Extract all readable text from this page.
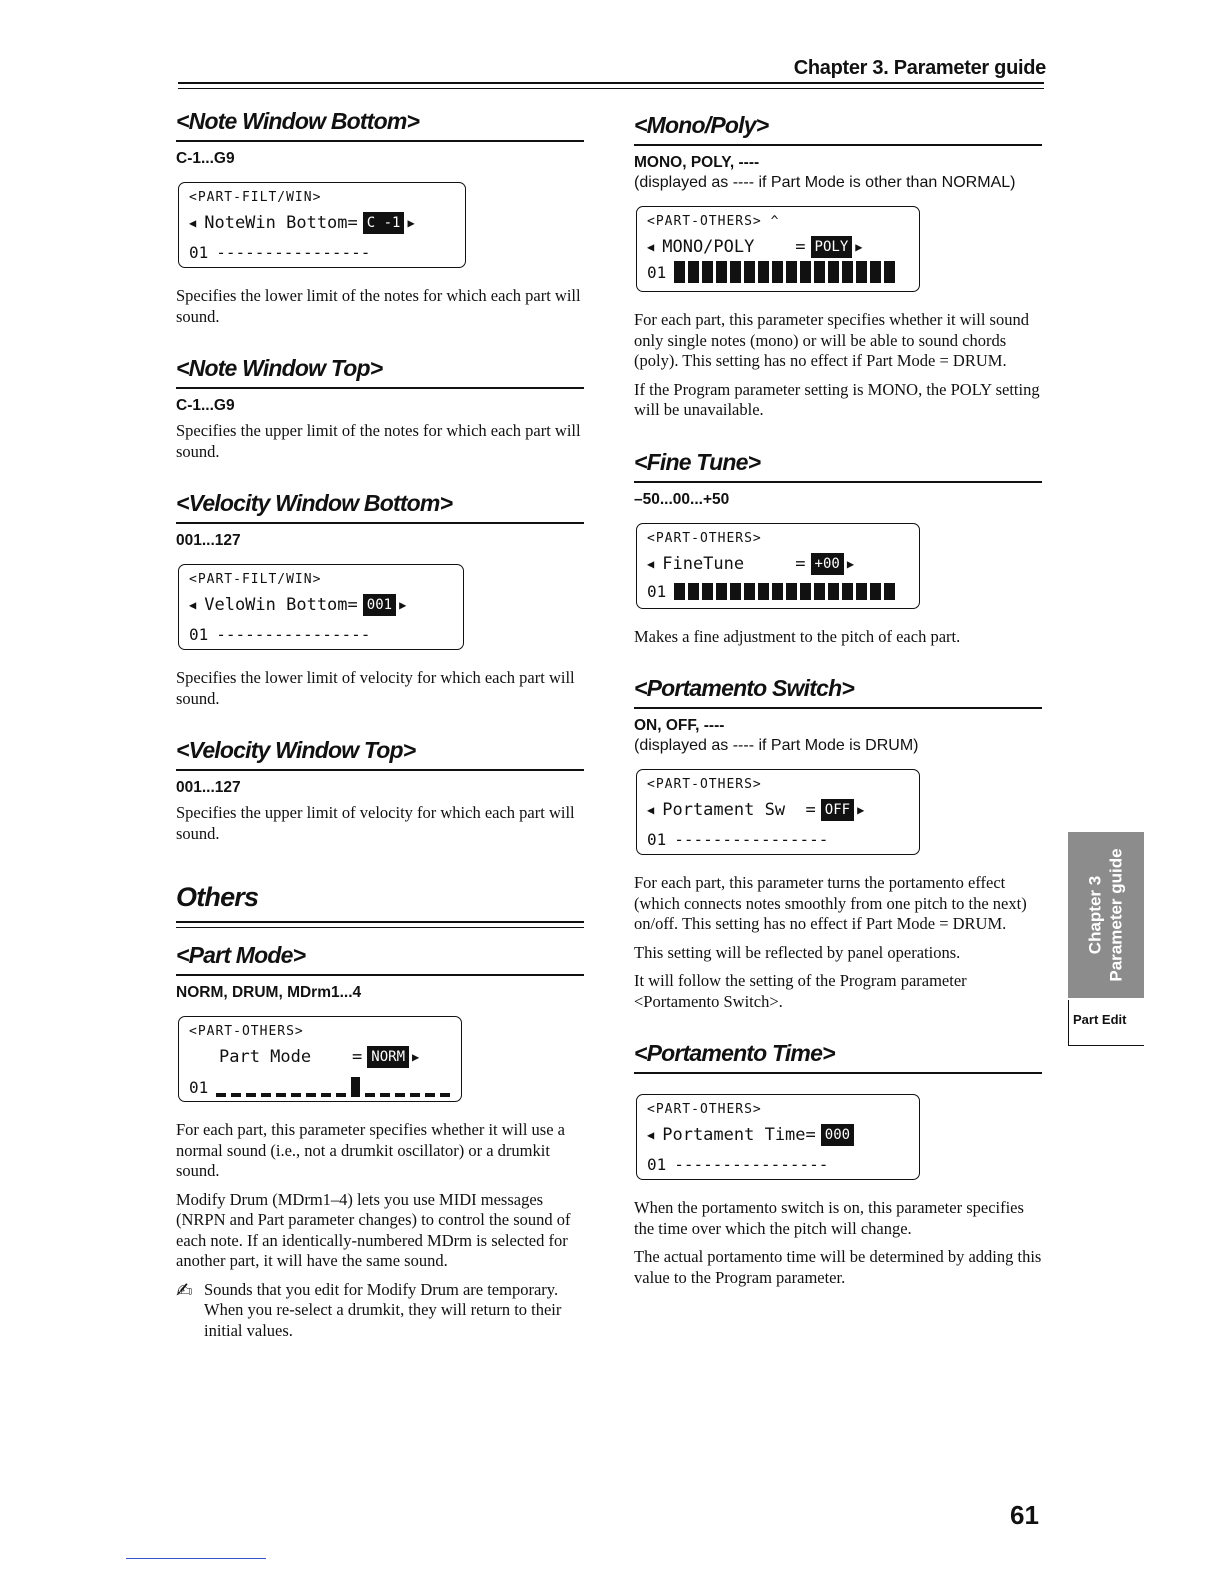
Chapter 3. Parameter guide
<Note Window Bottom>
C-1...G9
<PART-FILT/WIN>
◀ NoteWin Bottom= C -1 ▶
01 ----------------

Specifies the lower limit of the notes for which each part will sound.

<Note Window Top>
C-1...G9

Specifies the upper limit of the notes for which each part will sound.

<Velocity Window Bottom>
001...127
<PART-FILT/WIN>
◀ VeloWin Bottom= 001 ▶
01 ----------------

Specifies the lower limit of velocity for which each part will sound.

<Velocity Window Top>
001...127

Specifies the upper limit of velocity for which each part will sound.

Others
<Part Mode>
NORM, DRUM, MDrm1...4
<PART-OTHERS>
Part Mode    = NORM ▶
01

For each part, this parameter specifies whether it will use a normal sound (i.e., not a drumkit oscillator) or a drumkit sound.

Modify Drum (MDrm1–4) lets you use MIDI messages (NRPN and Part parameter changes) to control the sound of each note. If an identically-numbered MDrm is selected for another part, it will have the same sound.

✍ Sounds that you edit for Modify Drum are temporary. When you re-select a drumkit, they will return to their initial values.

<Mono/Poly>
MONO, POLY, ----
(displayed as ---- if Part Mode is other than NORMAL)
<PART-OTHERS> ^
◀ MONO/POLY    = POLY ▶
01

For each part, this parameter specifies whether it will sound only single notes (mono) or will be able to sound chords (poly). This setting has no effect if Part Mode = DRUM.

If the Program parameter setting is MONO, the POLY setting will be unavailable.

<Fine Tune>
–50...00...+50
<PART-OTHERS>
◀ FineTune     = +00 ▶
01

Makes a fine adjustment to the pitch of each part.

<Portamento Switch>
ON, OFF, ----
(displayed as ---- if Part Mode is DRUM)
<PART-OTHERS>
◀ Portament Sw  = OFF ▶
01 ----------------

For each part, this parameter turns the portamento effect (which connects notes smoothly from one pitch to the next) on/off. This setting has no effect if Part Mode = DRUM.

This setting will be reflected by panel operations.

It will follow the setting of the Program parameter <Portamento Switch>.

<Portamento Time>
<PART-OTHERS>
◀ Portament Time= 000
01 ----------------

When the portamento switch is on, this parameter specifies the time over which the pitch will change.

The actual portamento time will be determined by adding this value to the Program parameter.

Chapter 3 Parameter guide
Part Edit
61
